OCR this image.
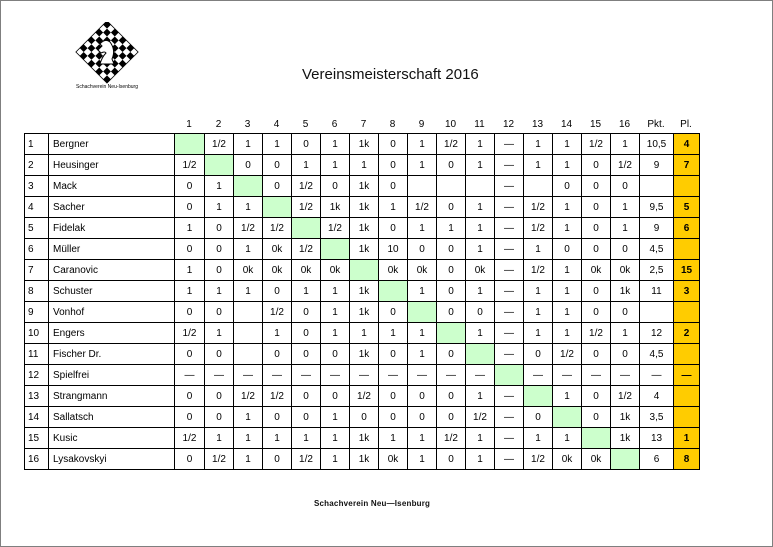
Schachverein Neu-Isenburg
Vereinsmeisterschaft 2016
		1	2	3	4	5	6	7	8	9	10	11	12	13	14	15	16	Pkt.	Pl.
1	Bergner		1/2	1	1	0	1	1k	0	1	1/2	1	—	1	1	1/2	1	10,5	4
2	Heusinger	1/2		0	0	1	1	1	0	1	0	1	—	1	1	0	1/2	9	7
3	Mack	0	1		0	1/2	0	1k	0				—		0	0	0		
4	Sacher	0	1	1		1/2	1k	1k	1	1/2	0	1	—	1/2	1	0	1	9,5	5
5	Fidelak	1	0	1/2	1/2		1/2	1k	0	1	1	1	—	1/2	1	0	1	9	6
6	Müller	0	0	1	0k	1/2		1k	10	0	0	1	—	1	0	0	0	4,5	
7	Caranovic	1	0	0k	0k	0k	0k		0k	0k	0	0k	—	1/2	1	0k	0k	2,5	15
8	Schuster	1	1	1	0	1	1	1k		1	0	1	—	1	1	0	1k	11	3
9	Vonhof	0	0		1/2	0	1	1k	0		0	0	—	1	1	0	0		
10	Engers	1/2	1		1	0	1	1	1	1		1	—	1	1	1/2	1	12	2
11	Fischer Dr.	0	0		0	0	0	1k	0	1	0		—	0	1/2	0	0	4,5	
12	Spielfrei	—	—	—	—	—	—	—	—	—	—	—		—	—	—	—	—	—
13	Strangmann	0	0	1/2	1/2	0	0	1/2	0	0	0	1	—		1	0	1/2	4	
14	Sallatsch	0	0	1	0	0	1	0	0	0	0	1/2	—	0		0	1k	3,5	
15	Kusic	1/2	1	1	1	1	1	1k	1	1	1/2	1	—	1	1		1k	13	1
16	Lysakovskyi	0	1/2	1	0	1/2	1	1k	0k	1	0	1	—	1/2	0k	0k		6	8
Schachverein Neu—Isenburg
